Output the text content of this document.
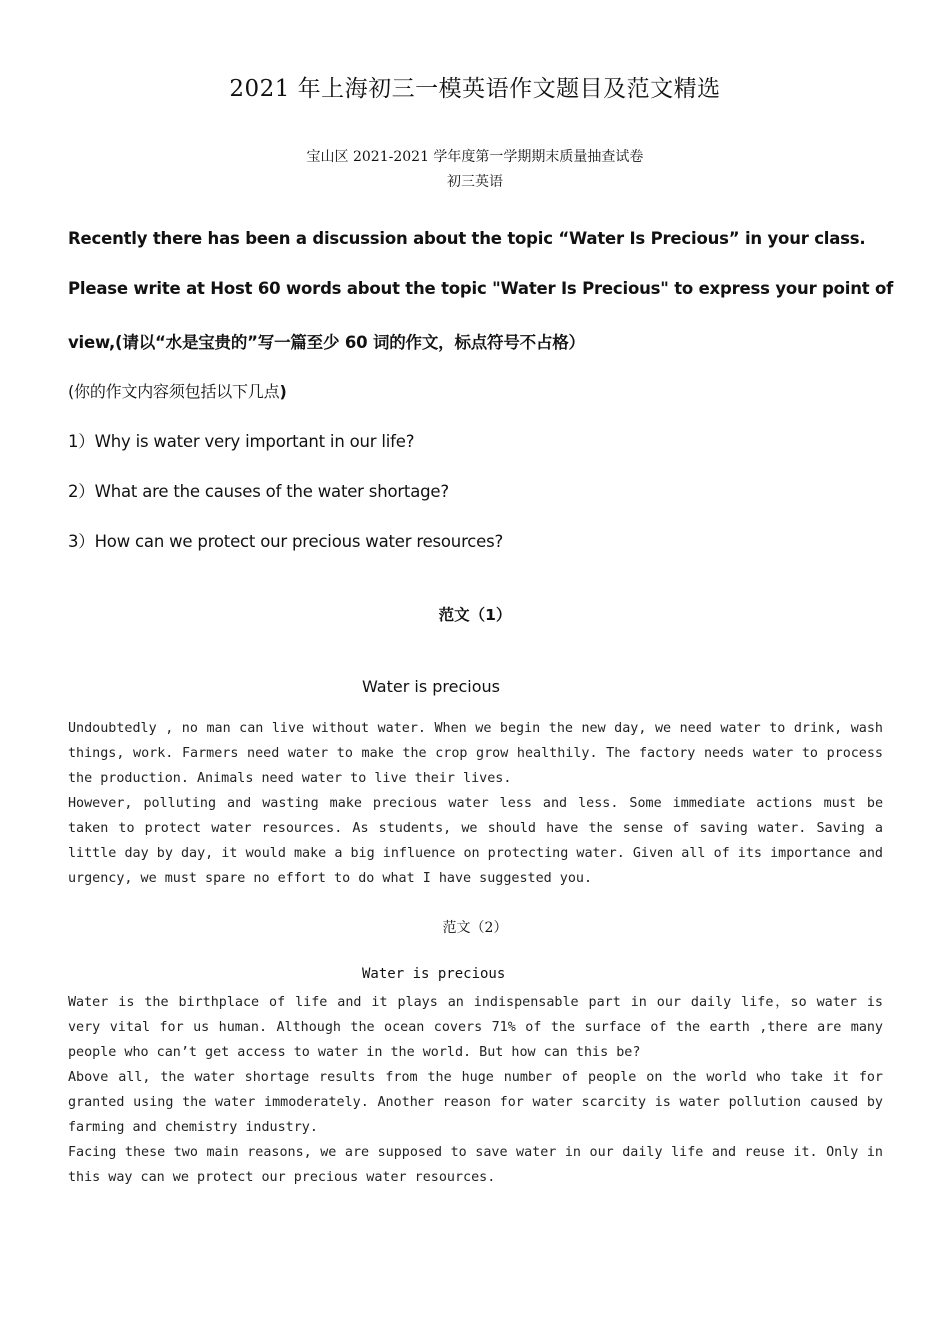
2021 年上海初三一模英语作文题目及范文精选
宝山区 2021-2021 学年度第一学期期末质量抽查试卷
初三英语
Recently there has been a discussion about the topic “Water Is Precious” in your class.
Please write at Host 60 words about the topic "Water Is Precious" to express your point of
view,(请以“水是宝贵的”写一篇至少 60 词的作文，标点符号不占格）
(你的作文内容须包括以下几点)
1）Why is water very important in our life?
2）What are the causes of the water shortage?
3）How can we protect our precious water resources?
范文（1）
Water is precious

Undoubtedly , no man can live without water. When we begin the new day, we need water to drink, wash things, work. Farmers need water to make the crop grow healthily. The factory needs water to process the production. Animals need water to live their lives.

However, polluting and wasting make precious water less and less. Some immediate actions must be taken to protect water resources. As students, we should have the sense of saving water. Saving a little day by day, it would make a big influence on protecting water. Given all of its importance and urgency, we must spare no effort to do what I have suggested you.

范文（2）
Water is precious

Water is the birthplace of life and it plays an indispensable part in our daily life，so water is very vital for us human. Although the ocean covers 71% of the surface of the earth ,there are many people who can’t get access to water in the world. But how can this be?

Above all, the water shortage results from the huge number of people on the world who take it for granted using the water immoderately. Another reason for water scarcity is water pollution caused by farming and chemistry industry.

Facing these two main reasons, we are supposed to save water in our daily life and reuse it. Only in this way can we protect our precious water resources.
